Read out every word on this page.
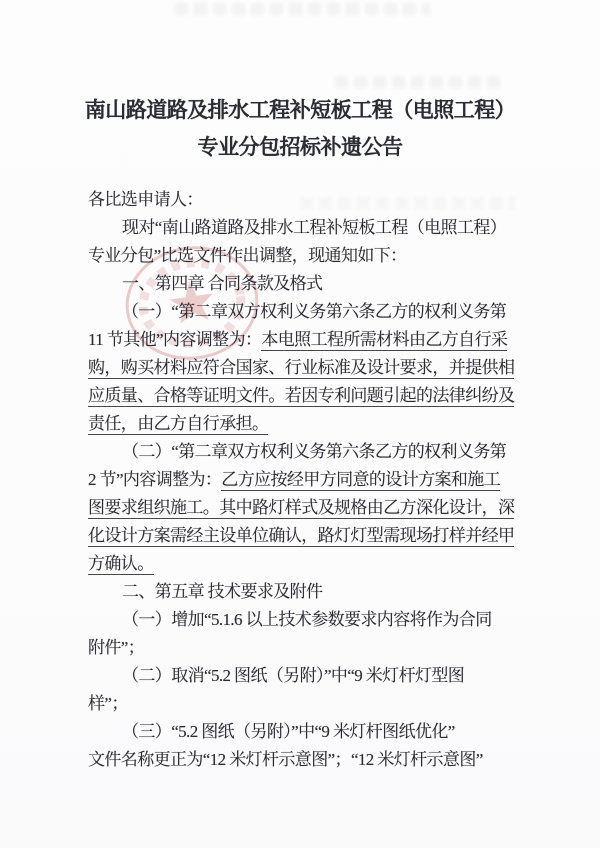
南山路道路及排水工程补短板工程（电照工程）
专业分包招标补遗公告
各比选申请人：
现对“南山路道路及排水工程补短板工程（电照工程）
专业分包”比选文件作出调整，现通知如下：
一、第四章 合同条款及格式
（一）“第二章双方权利义务第六条乙方的权利义务第
11 节其他”内容调整为：本电照工程所需材料由乙方自行采
购，购买材料应符合国家、行业标准及设计要求，并提供相
应质量、合格等证明文件。若因专利问题引起的法律纠纷及
责任，由乙方自行承担。
（二）“第二章双方权利义务第六条乙方的权利义务第
2 节”内容调整为：乙方应按经甲方同意的设计方案和施工
图要求组织施工。其中路灯样式及规格由乙方深化设计，深
化设计方案需经主设单位确认，路灯灯型需现场打样并经甲
方确认。
二、第五章 技术要求及附件
（一）增加“5.1.6 以上技术参数要求内容将作为合同
附件”；
（二）取消“5.2 图纸（另附）”中“9 米灯杆灯型图
样”；
（三）“5.2 图纸（另附）”中“9 米灯杆图纸优化”
文件名称更正为“12 米灯杆示意图”；“12 米灯杆示意图”
